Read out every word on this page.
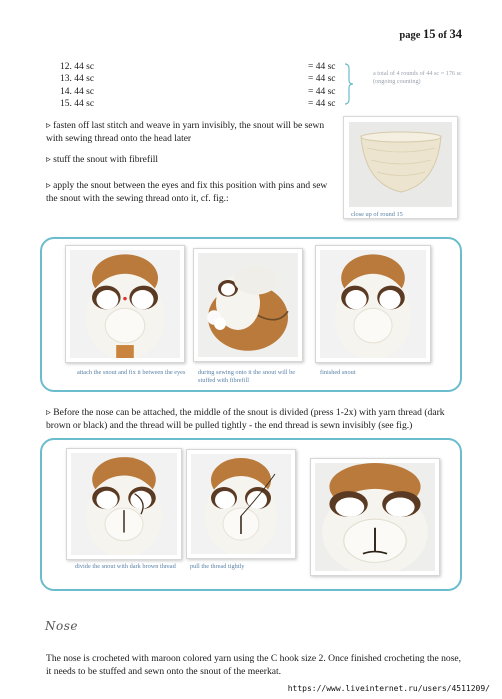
page 15 of 34
12. 44 sc	= 44 sc
13. 44 sc	= 44 sc
14. 44 sc	= 44 sc
15. 44 sc	= 44 sc
a total of 4 rounds of 44 sc = 176 sc (ongoing counting)
▹ fasten off last stitch and weave in yarn invisibly, the snout will be sewn with sewing thread onto the head later
▹ stuff the snout with fibrefill
▹ apply the snout between the eyes and fix this position with pins and sew the snout with the sewing thread onto it, cf. fig.:
close up of round 15
attach the snout and fix it between the eyes during sewing onto it the snout will be stuffed with fibrefill
finished snout
▹ Before the nose can be attached, the middle of the snout is divided (press 1-2x) with yarn thread (dark brown or black) and the thread will be pulled tightly - the end thread is sewn invisibly (see fig.)
divide the snout with dark brown thread	pull the thread tightly
Nose
The nose is crocheted with maroon colored yarn using the C hook size 2. Once finished crocheting the nose, it needs to be stuffed and sewn onto the snout of the meerkat.
https://www.liveinternet.ru/users/4511209/
